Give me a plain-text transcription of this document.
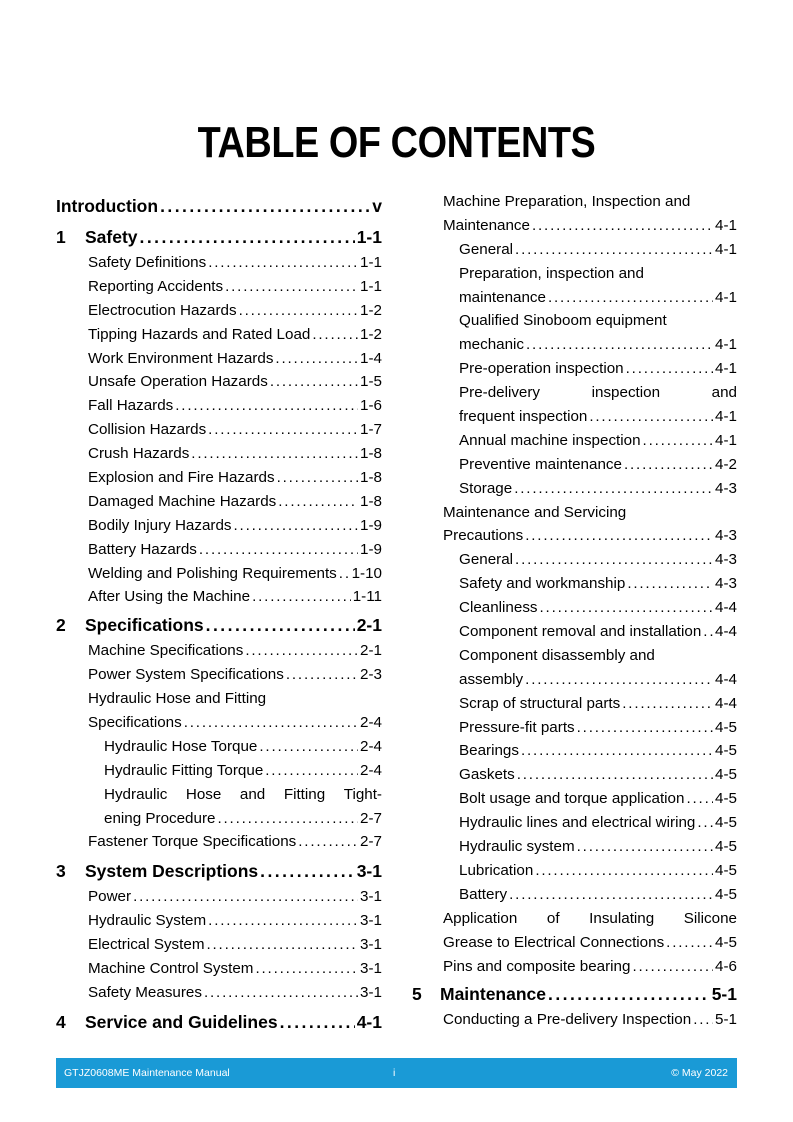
TABLE OF CONTENTS
Introduction . . .	v
1 Safety . . .	1-1
Safety Definitions . . .	1-1
Reporting Accidents . . .	1-1
Electrocution Hazards . . .	1-2
Tipping Hazards and Rated Load . . .	1-2
Work Environment Hazards . . .	1-4
Unsafe Operation Hazards . . .	1-5
Fall Hazards . . .	1-6
Collision Hazards . . .	1-7
Crush Hazards . . .	1-8
Explosion and Fire Hazards . . .	1-8
Damaged Machine Hazards . . .	1-8
Bodily Injury Hazards . . .	1-9
Battery Hazards . . .	1-9
Welding and Polishing Requirements . . . 1-10
After Using the Machine . . .	1-11
2 Specifications . . .	2-1
Machine Specifications . . .	2-1
Power System Specifications . . .	2-3
Hydraulic Hose and Fitting
Specifications . . .	2-4
Hydraulic Hose Torque . . .	2-4
Hydraulic Fitting Torque . . .	2-4
Hydraulic Hose and Fitting Tight-
ening Procedure . . .	2-7
Fastener Torque Specifications . . .	2-7
3 System Descriptions . . .	3-1
Power . . .	3-1
Hydraulic System . . .	3-1
Electrical System . . .	3-1
Machine Control System . . .	3-1
Safety Measures . . .	3-1
4 Service and Guidelines . . .	4-1
Machine Preparation, Inspection and
Maintenance . . .	4-1
General . . .	4-1
Preparation, inspection and
maintenance . . .	4-1
Qualified Sinoboom equipment
mechanic . . .	4-1
Pre-operation inspection . . .	4-1
Pre-delivery	inspection	and
frequent inspection . . .	4-1
Annual machine inspection . . .	4-1
Preventive maintenance . . .	4-2
Storage . . .	4-3
Maintenance and Servicing
Precautions . . .	4-3
General . . .	4-3
Safety and workmanship . . .	4-3
Cleanliness . . .	4-4
Component removal and installation . . . 4-4
Component disassembly and
assembly . . .	4-4
Scrap of structural parts . . .	4-4
Pressure-fit parts . . .	4-5
Bearings . . .	4-5
Gaskets . . .	4-5
Bolt usage and torque application . . . 4-5
Hydraulic lines and electrical wiring . . . 4-5
Hydraulic system . . .	4-5
Lubrication . . .	4-5
Battery . . .	4-5
Application of Insulating Silicone
Grease to Electrical Connections . . .	4-5
Pins and composite bearing . . .	4-6
5 Maintenance . . .	5-1
Conducting a Pre-delivery Inspection . . . 5-1
GTJZ0608ME Maintenance Manual	i	© May 2022
